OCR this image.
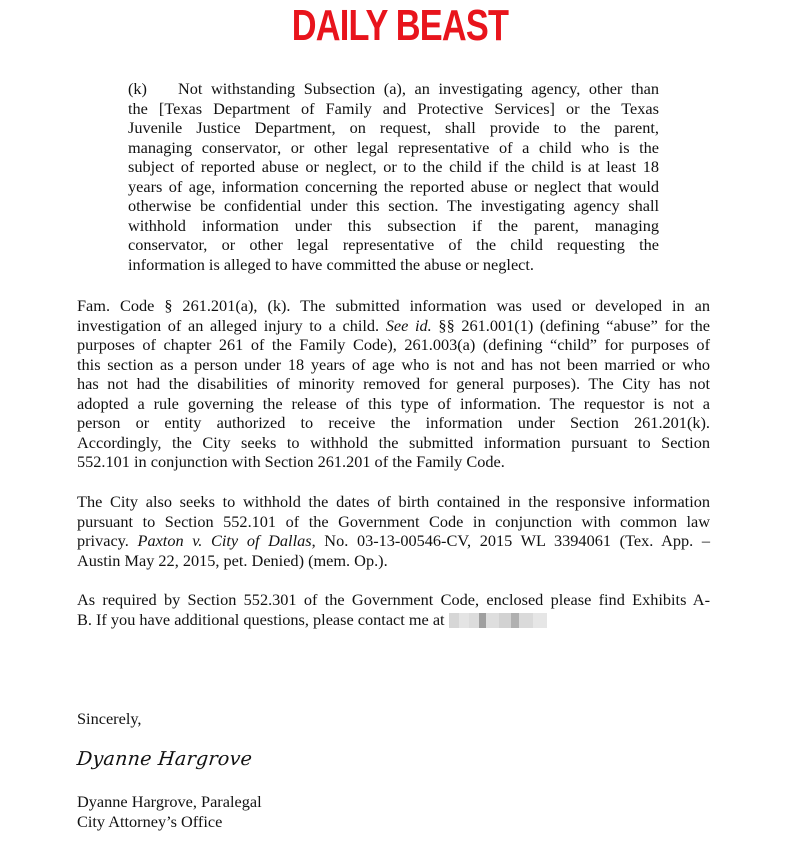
DAILY BEAST
(k) Not withstanding Subsection (a), an investigating agency, other than
the [Texas Department of Family and Protective Services] or the Texas
Juvenile Justice Department, on request, shall provide to the parent,
managing conservator, or other legal representative of a child who is the
subject of reported abuse or neglect, or to the child if the child is at least 18
years of age, information concerning the reported abuse or neglect that would
otherwise be confidential under this section. The investigating agency shall
withhold information under this subsection if the parent, managing
conservator, or other legal representative of the child requesting the
information is alleged to have committed the abuse or neglect.
Fam. Code § 261.201(a), (k). The submitted information was used or developed in an
investigation of an alleged injury to a child. See id. §§ 261.001(1) (defining “abuse” for the
purposes of chapter 261 of the Family Code), 261.003(a) (defining “child” for purposes of
this section as a person under 18 years of age who is not and has not been married or who
has not had the disabilities of minority removed for general purposes). The City has not
adopted a rule governing the release of this type of information. The requestor is not a
person or entity authorized to receive the information under Section 261.201(k).
Accordingly, the City seeks to withhold the submitted information pursuant to Section
552.101 in conjunction with Section 261.201 of the Family Code.
The City also seeks to withhold the dates of birth contained in the responsive information
pursuant to Section 552.101 of the Government Code in conjunction with common law
privacy. Paxton v. City of Dallas, No. 03-13-00546-CV, 2015 WL 3394061 (Tex. App. –
Austin May 22, 2015, pet. Denied) (mem. Op.).
As required by Section 552.301 of the Government Code, enclosed please find Exhibits A-
B. If you have additional questions, please contact me at
Sincerely,
Dyanne Hargrove
Dyanne Hargrove, Paralegal
City Attorney’s Office
